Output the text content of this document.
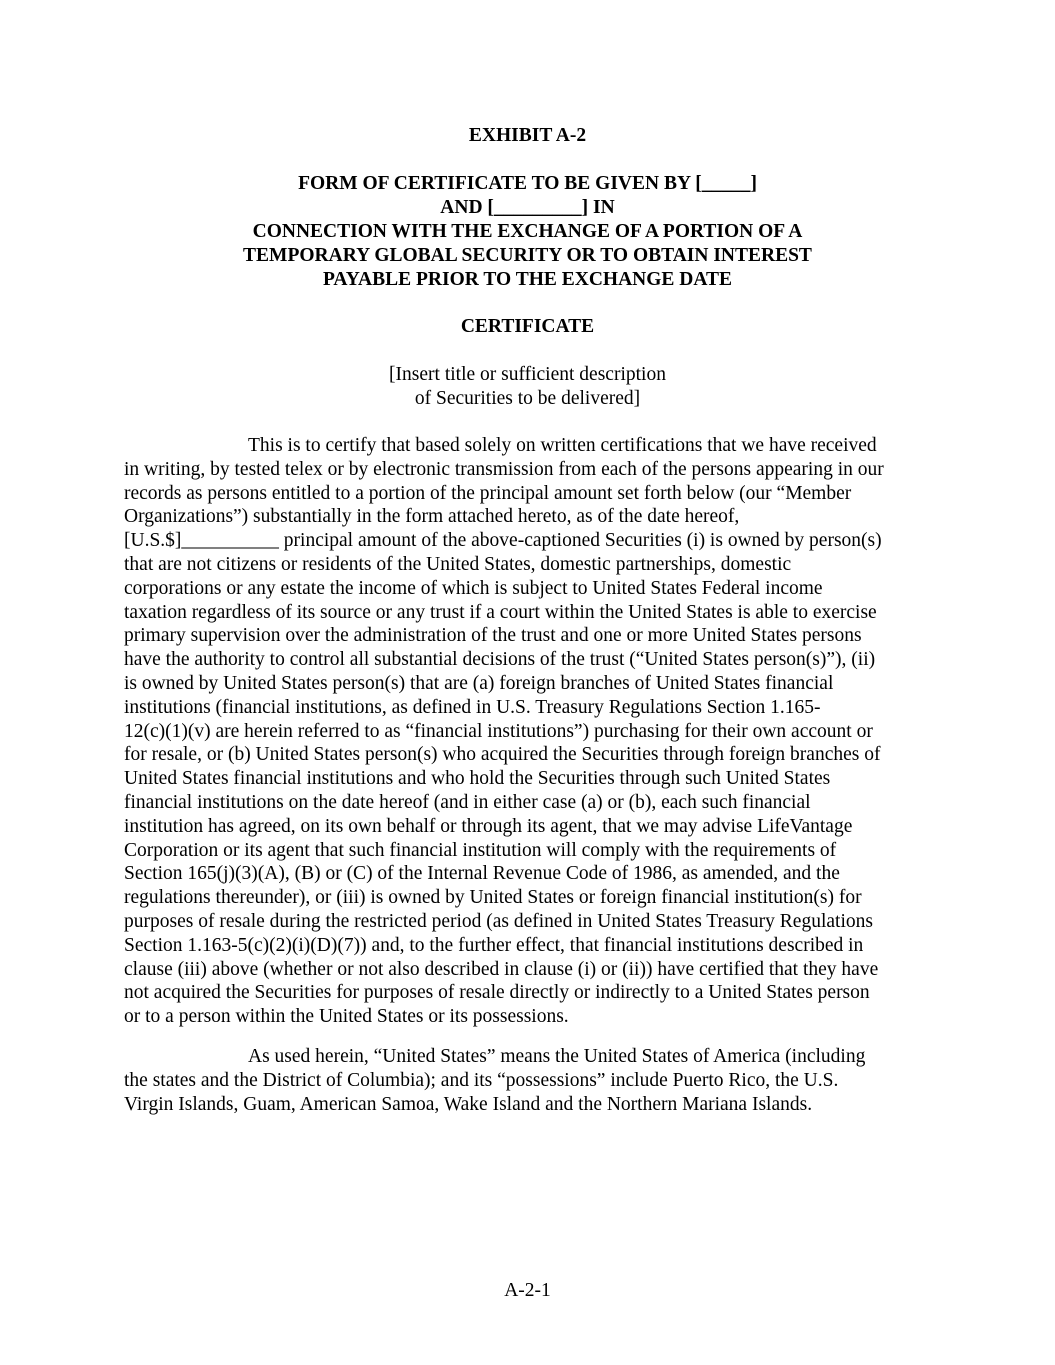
EXHIBIT A-2
FORM OF CERTIFICATE TO BE GIVEN BY [_____]
AND [_________] IN
CONNECTION WITH THE EXCHANGE OF A PORTION OF A
TEMPORARY GLOBAL SECURITY OR TO OBTAIN INTEREST
PAYABLE PRIOR TO THE EXCHANGE DATE
CERTIFICATE
[Insert title or sufficient description
of Securities to be delivered]
This is to certify that based solely on written certifications that we have received
in writing, by tested telex or by electronic transmission from each of the persons appearing in our
records as persons entitled to a portion of the principal amount set forth below (our “Member
Organizations”) substantially in the form attached hereto, as of the date hereof,
[U.S.$]__________ principal amount of the above-captioned Securities (i) is owned by person(s)
that are not citizens or residents of the United States, domestic partnerships, domestic
corporations or any estate the income of which is subject to United States Federal income
taxation regardless of its source or any trust if a court within the United States is able to exercise
primary supervision over the administration of the trust and one or more United States persons
have the authority to control all substantial decisions of the trust (“United States person(s)”), (ii)
is owned by United States person(s) that are (a) foreign branches of United States financial
institutions (financial institutions, as defined in U.S. Treasury Regulations Section 1.165-
12(c)(1)(v) are herein referred to as “financial institutions”) purchasing for their own account or
for resale, or (b) United States person(s) who acquired the Securities through foreign branches of
United States financial institutions and who hold the Securities through such United States
financial institutions on the date hereof (and in either case (a) or (b), each such financial
institution has agreed, on its own behalf or through its agent, that we may advise LifeVantage
Corporation or its agent that such financial institution will comply with the requirements of
Section 165(j)(3)(A), (B) or (C) of the Internal Revenue Code of 1986, as amended, and the
regulations thereunder), or (iii) is owned by United States or foreign financial institution(s) for
purposes of resale during the restricted period (as defined in United States Treasury Regulations
Section 1.163-5(c)(2)(i)(D)(7)) and, to the further effect, that financial institutions described in
clause (iii) above (whether or not also described in clause (i) or (ii)) have certified that they have
not acquired the Securities for purposes of resale directly or indirectly to a United States person
or to a person within the United States or its possessions.
As used herein, “United States” means the United States of America (including
the states and the District of Columbia); and its “possessions” include Puerto Rico, the U.S.
Virgin Islands, Guam, American Samoa, Wake Island and the Northern Mariana Islands.
A-2-1
